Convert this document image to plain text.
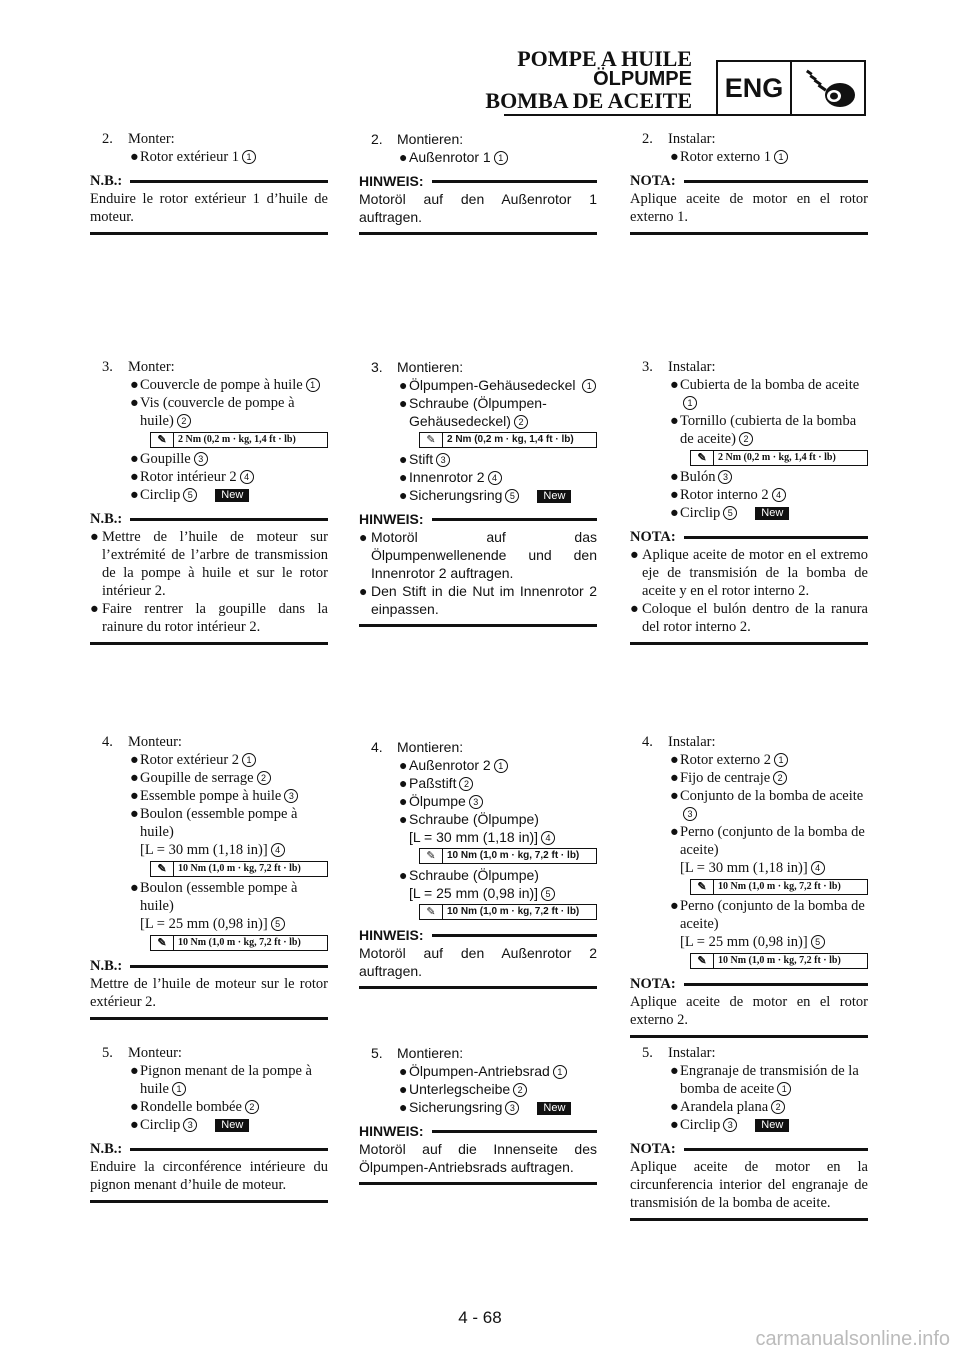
POMPE A HUILE
ÖLPUMPE
BOMBA DE ACEITE ENG
2. Monter:
● Rotor extérieur 1 1
N.B.:
Enduire le rotor extérieur 1 d’huile de moteur.
3. Monter:
● Couvercle de pompe à huile 1
● Vis (couvercle de pompe à huile) 2
✎	2 Nm (0,2 m · kg, 1,4 ft · lb)
● Goupille 3
● Rotor intérieur 2 4
● Circlip 5	New
N.B.:
● Mettre de l’huile de moteur sur l’extrémité de l’arbre de transmission de la pompe à huile et sur le rotor intérieur 2.
● Faire rentrer la goupille dans la rainure du rotor intérieur 2.
4. Monteur:
● Rotor extérieur 2 1
● Goupille de serrage 2
● Essemble pompe à huile 3
● Boulon (essemble pompe à huile)
[L = 30 mm (1,18 in)] 4
✎	10 Nm (1,0 m · kg, 7,2 ft · lb)
● Boulon (essemble pompe à huile)
[L = 25 mm (0,98 in)] 5
✎	10 Nm (1,0 m · kg, 7,2 ft · lb)
N.B.:
Mettre de l’huile de moteur sur le rotor extérieur 2.
5. Monteur:
● Pignon menant de la pompe à huile 1
● Rondelle bombée 2
● Circlip 3	New
N.B.:
Enduire la circonférence intérieure du pignon menant d’huile de moteur.
2. Montieren:
● Außenrotor 1 1
HINWEIS:
Motoröl auf den Außenrotor 1 auftragen.
3. Montieren:
● Ölpumpen-Gehäusedeckel 1
● Schraube (Ölpumpen-Gehäusedeckel) 2
✎	2 Nm (0,2 m · kg, 1,4 ft · lb)
● Stift 3
● Innenrotor 2 4
● Sicherungsring 5	New
HINWEIS:
● Motoröl auf das Ölpumpenwellenende und den Innenrotor 2 auftragen.
● Den Stift in die Nut im Innenrotor 2 einpassen.
4. Montieren:
● Außenrotor 2 1
● Paßstift 2
● Ölpumpe 3
● Schraube (Ölpumpe)
[L = 30 mm (1,18 in)] 4
✎	10 Nm (1,0 m · kg, 7,2 ft · lb)
● Schraube (Ölpumpe)
[L = 25 mm (0,98 in)] 5
✎	10 Nm (1,0 m · kg, 7,2 ft · lb)
HINWEIS:
Motoröl auf den Außenrotor 2 auftragen.
5. Montieren:
● Ölpumpen-Antriebsrad 1
● Unterlegscheibe 2
● Sicherungsring 3	New
HINWEIS:
Motoröl auf die Innenseite des Ölpumpen-Antriebsrads auftragen.
2. Instalar:
● Rotor externo 1 1
NOTA:
Aplique aceite de motor en el rotor externo 1.
3. Instalar:
● Cubierta de la bomba de aceite 1
● Tornillo (cubierta de la bomba de aceite) 2
✎	2 Nm (0,2 m · kg, 1,4 ft · lb)
● Bulón 3
● Rotor interno 2 4
● Circlip 5	New
NOTA:
● Aplique aceite de motor en el extremo eje de transmisión de la bomba de aceite y en el rotor interno 2.
● Coloque el bulón dentro de la ranura del rotor interno 2.
4. Instalar:
● Rotor externo 2 1
● Fijo de centraje 2
● Conjunto de la bomba de aceite 3
● Perno (conjunto de la bomba de aceite)
[L = 30 mm (1,18 in)] 4
✎	10 Nm (1,0 m · kg, 7,2 ft · lb)
● Perno (conjunto de la bomba de aceite)
[L = 25 mm (0,98 in)] 5
✎	10 Nm (1,0 m · kg, 7,2 ft · lb)
NOTA:
Aplique aceite de motor en el rotor externo 2.
5. Instalar:
● Engranaje de transmisión de la bomba de aceite 1
● Arandela plana 2
● Circlip 3	New
NOTA:
Aplique aceite de motor en la circunferencia interior del engranaje de transmisión de la bomba de aceite.
4 - 68
carmanualsonline.info
